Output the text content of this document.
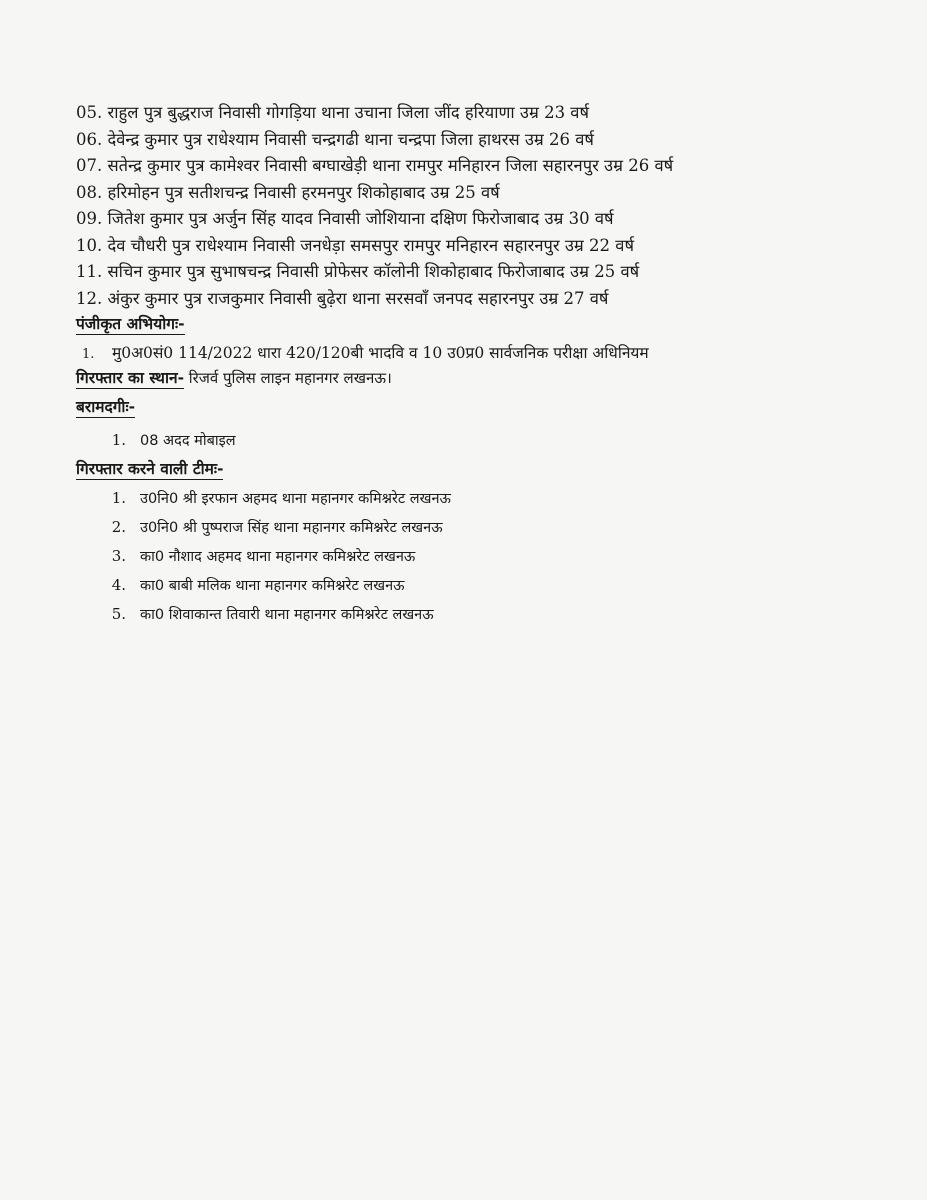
05. राहुल पुत्र बुद्धराज निवासी गोगड़िया थाना उचाना जिला जींद हरियाणा उम्र 23 वर्ष
06. देवेन्द्र कुमार पुत्र राधेश्याम निवासी चन्द्रगढी थाना चन्द्रपा जिला हाथरस उम्र 26 वर्ष
07. सतेन्द्र कुमार पुत्र कामेश्वर निवासी बग्घाखेड़ी थाना रामपुर मनिहारन जिला सहारनपुर उम्र 26 वर्ष
08. हरिमोहन पुत्र सतीशचन्द्र निवासी हरमनपुर शिकोहाबाद उम्र 25 वर्ष
09. जितेश कुमार पुत्र अर्जुन सिंह यादव निवासी जोशियाना दक्षिण फिरोजाबाद उम्र 30 वर्ष
10. देव चौधरी पुत्र राधेश्याम निवासी जनधेड़ा समसपुर रामपुर मनिहारन सहारनपुर उम्र 22 वर्ष
11. सचिन कुमार पुत्र सुभाषचन्द्र निवासी प्रोफेसर कॉलोनी शिकोहाबाद फिरोजाबाद उम्र 25 वर्ष
12. अंकुर कुमार पुत्र राजकुमार निवासी बुढ़ेरा थाना सरसवाँ जनपद सहारनपुर उम्र 27 वर्ष
पंजीकृत अभियोगः-
1. मु0अ0सं0 114/2022 धारा 420/120बी भादवि व 10 उ0प्र0 सार्वजनिक परीक्षा अधिनियम
गिरफ्तार का स्थान- रिजर्व पुलिस लाइन महानगर लखनऊ।
बरामदगीः-
1. 08 अदद मोबाइल
गिरफ्तार करने वाली टीमः-
1. उ0नि0 श्री इरफान अहमद थाना महानगर कमिश्नरेट लखनऊ
2. उ0नि0 श्री पुष्पराज सिंह थाना महानगर कमिश्नरेट लखनऊ
3. का0 नौशाद अहमद थाना महानगर कमिश्नरेट लखनऊ
4. का0 बाबी मलिक थाना महानगर कमिश्नरेट लखनऊ
5. का0 शिवाकान्त तिवारी थाना महानगर कमिश्नरेट लखनऊ
